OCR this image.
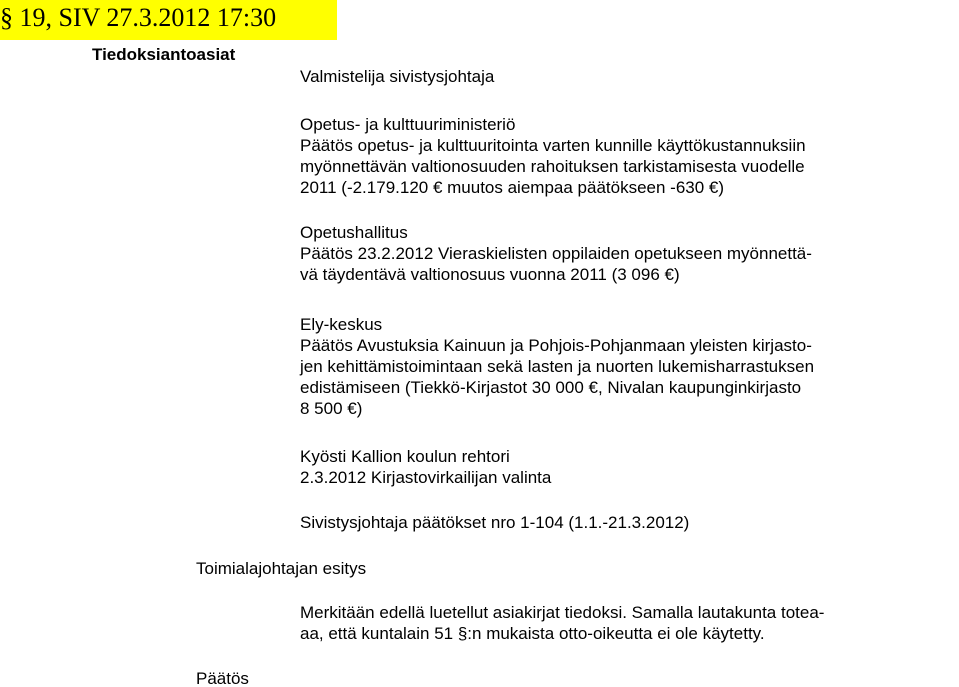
§ 19, SIV 27.3.2012 17:30
Tiedoksiantoasiat
Valmistelija sivistysjohtaja
Opetus- ja kulttuuriministeriö
Päätös opetus- ja kulttuuritointa varten kunnille käyttökustannuksiin
myönnettävän valtionosuuden rahoituksen tarkistamisesta vuodelle
2011 (-2.179.120 € muutos aiempaa päätökseen -630 €)
Opetushallitus
Päätös 23.2.2012 Vieraskielisten oppilaiden opetukseen myönnettä-
vä täydentävä valtionosuus vuonna 2011 (3 096 €)
Ely-keskus
Päätös Avustuksia Kainuun ja Pohjois-Pohjanmaan yleisten kirjasto-
jen kehittämistoimintaan sekä lasten ja nuorten lukemisharrastuksen
edistämiseen (Tiekkö-Kirjastot 30 000 €, Nivalan kaupunginkirjasto
8 500 €)
Kyösti Kallion koulun rehtori
2.3.2012 Kirjastovirkailijan valinta
Sivistysjohtaja päätökset nro 1-104 (1.1.-21.3.2012)
Toimialajohtajan esitys
Merkitään edellä luetellut asiakirjat tiedoksi. Samalla lautakunta totea-
aa, että kuntalain 51 §:n mukaista otto-oikeutta ei ole käytetty.
Päätös
